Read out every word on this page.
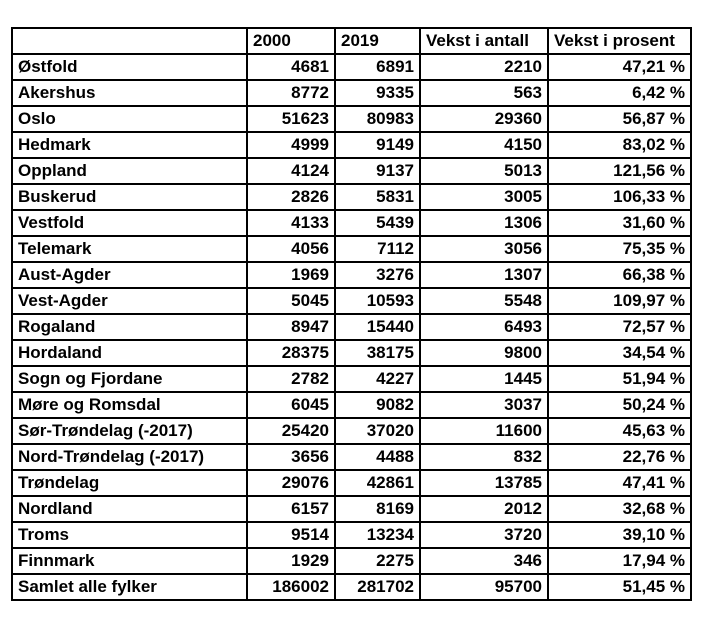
	2000	2019	Vekst i antall	Vekst i prosent
Østfold	4681	6891	2210	47,21 %
Akershus	8772	9335	563	6,42 %
Oslo	51623	80983	29360	56,87 %
Hedmark	4999	9149	4150	83,02 %
Oppland	4124	9137	5013	121,56 %
Buskerud	2826	5831	3005	106,33 %
Vestfold	4133	5439	1306	31,60 %
Telemark	4056	7112	3056	75,35 %
Aust-Agder	1969	3276	1307	66,38 %
Vest-Agder	5045	10593	5548	109,97 %
Rogaland	8947	15440	6493	72,57 %
Hordaland	28375	38175	9800	34,54 %
Sogn og Fjordane	2782	4227	1445	51,94 %
Møre og Romsdal	6045	9082	3037	50,24 %
Sør-Trøndelag (-2017)	25420	37020	11600	45,63 %
Nord-Trøndelag (-2017)	3656	4488	832	22,76 %
Trøndelag	29076	42861	13785	47,41 %
Nordland	6157	8169	2012	32,68 %
Troms	9514	13234	3720	39,10 %
Finnmark	1929	2275	346	17,94 %
Samlet alle fylker	186002	281702	95700	51,45 %
